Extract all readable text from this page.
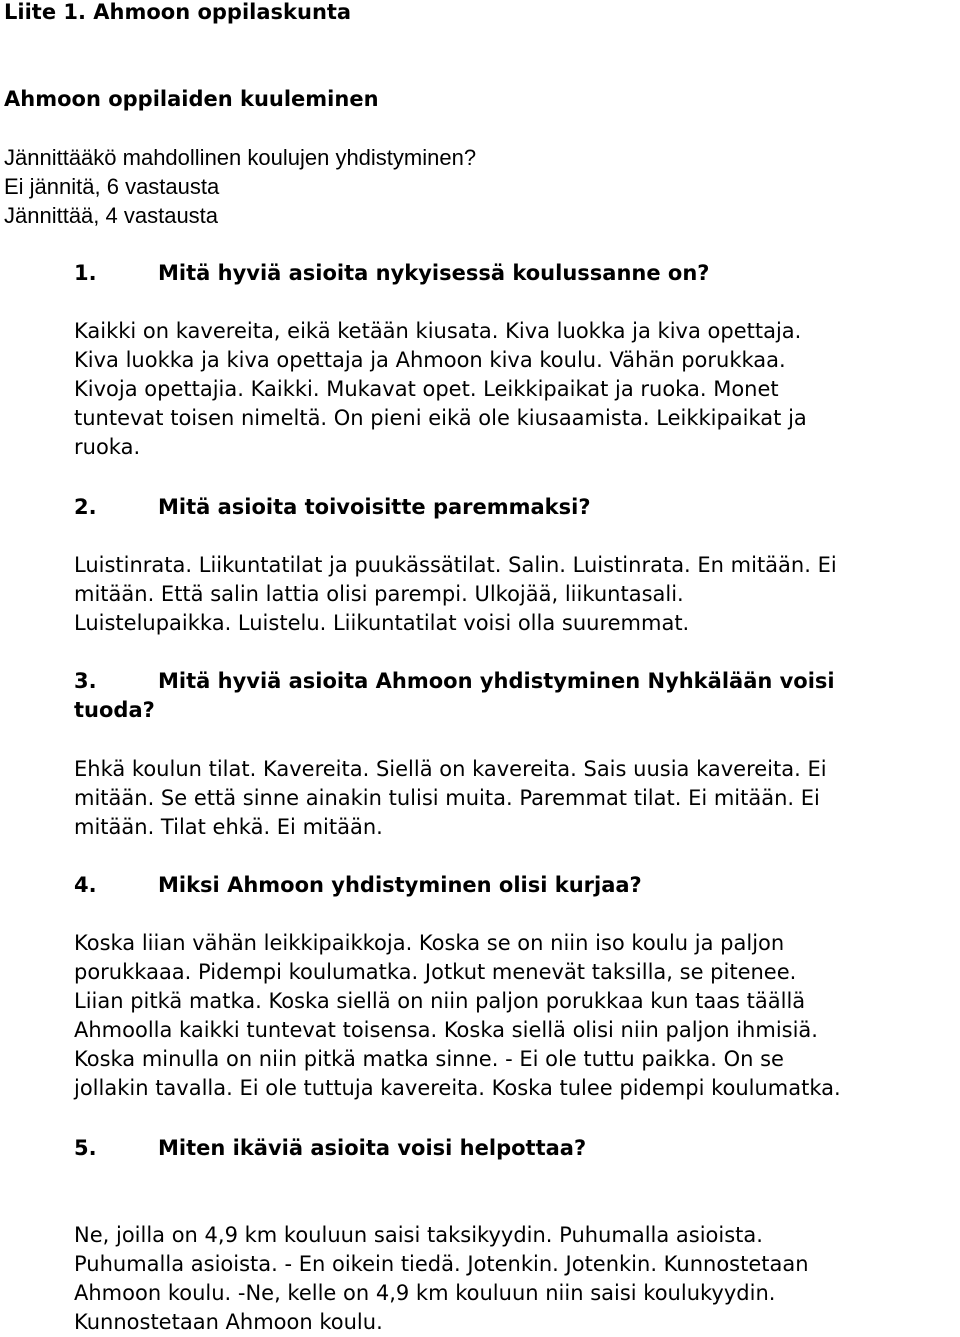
Liite 1. Ahmoon oppilaskunta
Ahmoon oppilaiden kuuleminen
Jännittääkö mahdollinen koulujen yhdistyminen?
Ei jännitä, 6 vastausta
Jännittää, 4 vastausta
1.	Mitä hyviä asioita nykyisessä koulussanne on?
Kaikki on kavereita, eikä ketään kiusata. Kiva luokka ja kiva opettaja.
Kiva luokka ja kiva opettaja ja Ahmoon kiva koulu. Vähän porukkaa.
Kivoja opettajia. Kaikki. Mukavat opet. Leikkipaikat ja ruoka. Monet
tuntevat toisen nimeltä. On pieni eikä ole kiusaamista. Leikkipaikat ja
ruoka.
2.	Mitä asioita toivoisitte paremmaksi?
Luistinrata. Liikuntatilat ja puukässätilat. Salin. Luistinrata. En mitään. Ei
mitään. Että salin lattia olisi parempi. Ulkojää, liikuntasali.
Luistelupaikka. Luistelu. Liikuntatilat voisi olla suuremmat.
3.	Mitä hyviä asioita Ahmoon yhdistyminen Nyhkälään voisi
tuoda?
Ehkä koulun tilat. Kavereita. Siellä on kavereita. Sais uusia kavereita. Ei
mitään. Se että sinne ainakin tulisi muita. Paremmat tilat. Ei mitään. Ei
mitään. Tilat ehkä. Ei mitään.
4.	Miksi Ahmoon yhdistyminen olisi kurjaa?
Koska liian vähän leikkipaikkoja. Koska se on niin iso koulu ja paljon
porukkaaa. Pidempi koulumatka. Jotkut menevät taksilla, se pitenee.
Liian pitkä matka. Koska siellä on niin paljon porukkaa kun taas täällä
Ahmoolla kaikki tuntevat toisensa. Koska siellä olisi niin paljon ihmisiä.
Koska minulla on niin pitkä matka sinne. - Ei ole tuttu paikka. On se
jollakin tavalla. Ei ole tuttuja kavereita. Koska tulee pidempi koulumatka.
5.	Miten ikäviä asioita voisi helpottaa?
Ne, joilla on 4,9 km kouluun saisi taksikyydin. Puhumalla asioista.
Puhumalla asioista. - En oikein tiedä. Jotenkin. Jotenkin. Kunnostetaan
Ahmoon koulu. -Ne, kelle on 4,9 km kouluun niin saisi koulukyydin.
Kunnostetaan Ahmoon koulu.
